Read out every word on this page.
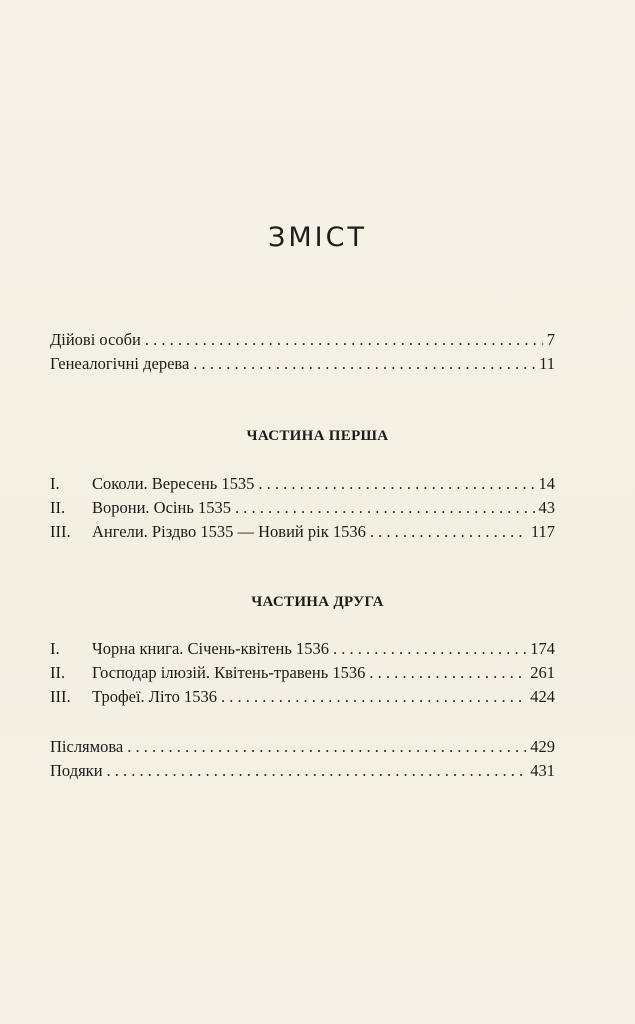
ЗМІСТ
Дійові особи . . .	7
Генеалогічні дерева . . .	11
ЧАСТИНА ПЕРША
I.	Соколи. Вересень 1535 . . .	14
II.	Ворони. Осінь 1535 . . .	43
III.	Ангели. Різдво 1535 — Новий рік 1536 . . .	117
ЧАСТИНА ДРУГА
I.	Чорна книга. Січень-квітень 1536 . . .	174
II.	Господар ілюзій. Квітень-травень 1536 . . .	261
III.	Трофеї. Літо 1536 . . .	424
Післямова . . .	429
Подяки . . .	431
